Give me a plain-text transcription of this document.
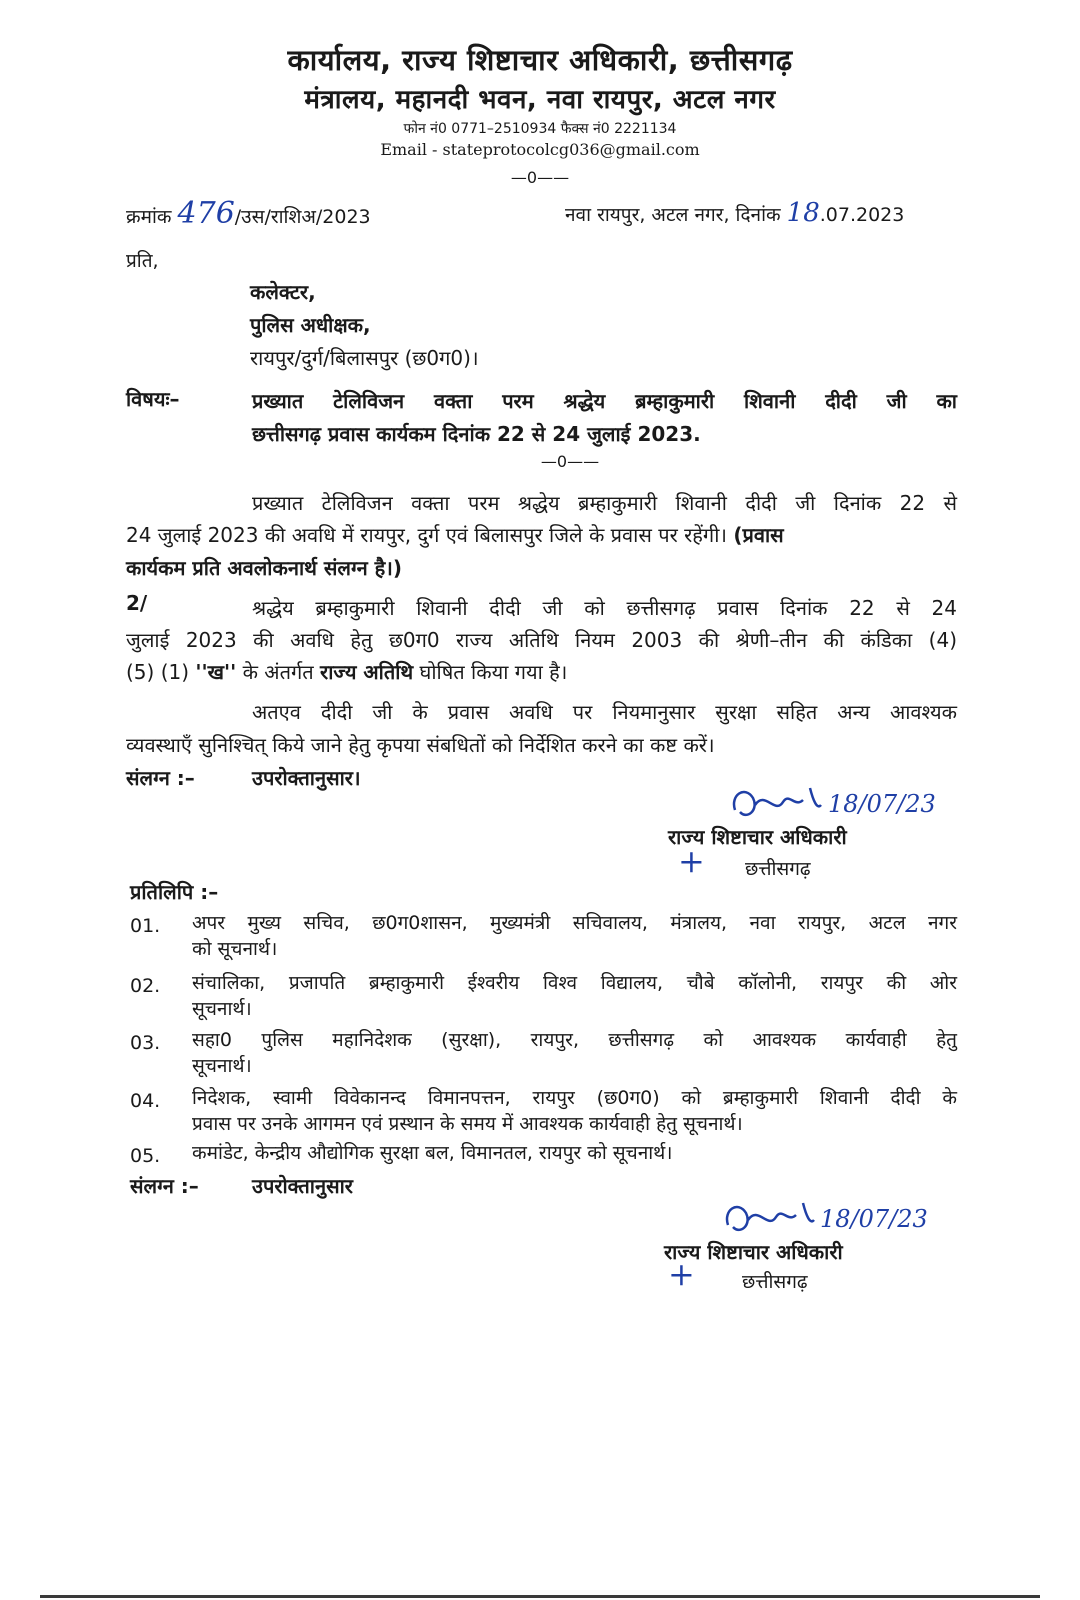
कार्यालय, राज्य शिष्टाचार अधिकारी, छत्तीसगढ़
मंत्रालय, महानदी भवन, नवा रायपुर, अटल नगर
फोन नं0 0771–2510934 फैक्स नं0 2221134
Email - stateprotocolcg036@gmail.com
—0——
क्रमांक 476/उस/राशिअ/2023	नवा रायपुर, अटल नगर, दिनांक 18.07.2023
प्रति,
कलेक्टर,
पुलिस अधीक्षक,
रायपुर/दुर्ग/बिलासपुर (छ0ग0)।
विषयः–	प्रख्यात टेलिविजन वक्ता परम श्रद्धेय ब्रम्हाकुमारी शिवानी दीदी जी का
छत्तीसगढ़ प्रवास कार्यकम दिनांक 22 से 24 जुलाई 2023.
—0——
प्रख्यात टेलिविजन वक्ता परम श्रद्धेय ब्रम्हाकुमारी शिवानी दीदी जी दिनांक 22 से
24 जुलाई 2023 की अवधि में रायपुर, दुर्ग एवं बिलासपुर जिले के प्रवास पर रहेंगी। (प्रवास
कार्यकम प्रति अवलोकनार्थ संलग्न है।)
2/	श्रद्धेय ब्रम्हाकुमारी शिवानी दीदी जी को छत्तीसगढ़ प्रवास दिनांक 22 से 24
जुलाई 2023 की अवधि हेतु छ0ग0 राज्य अतिथि नियम 2003 की श्रेणी–तीन की कंडिका (4)
(5) (1) ''ख'' के अंतर्गत राज्य अतिथि घोषित किया गया है।
अतएव दीदी जी के प्रवास अवधि पर नियमानुसार सुरक्षा सहित अन्य आवश्यक
व्यवस्थाएँ सुनिश्चित् किये जाने हेतु कृपया संबधितों को निर्देशित करने का कष्ट करें।
संलग्न :–	उपरोक्तानुसार।
18/07/23
राज्य शिष्टाचार अधिकारी
+ छत्तीसगढ़
प्रतिलिपि :–
01. अपर मुख्य सचिव, छ0ग0शासन, मुख्यमंत्री सचिवालय, मंत्रालय, नवा रायपुर, अटल नगर
को सूचनार्थ।
02. संचालिका, प्रजापति ब्रम्हाकुमारी ईश्वरीय विश्व विद्यालय, चौबे कॉलोनी, रायपुर की ओर
सूचनार्थ।
03. सहा0 पुलिस महानिदेशक (सुरक्षा), रायपुर, छत्तीसगढ़ को आवश्यक कार्यवाही हेतु
सूचनार्थ।
04. निदेशक, स्वामी विवेकानन्द विमानपत्तन, रायपुर (छ0ग0) को ब्रम्हाकुमारी शिवानी दीदी के
प्रवास पर उनके आगमन एवं प्रस्थान के समय में आवश्यक कार्यवाही हेतु सूचनार्थ।
05. कमांडेट, केन्द्रीय औद्योगिक सुरक्षा बल, विमानतल, रायपुर को सूचनार्थ।
संलग्न :–	उपरोक्तानुसार
18/07/23
राज्य शिष्टाचार अधिकारी
+ छत्तीसगढ़
